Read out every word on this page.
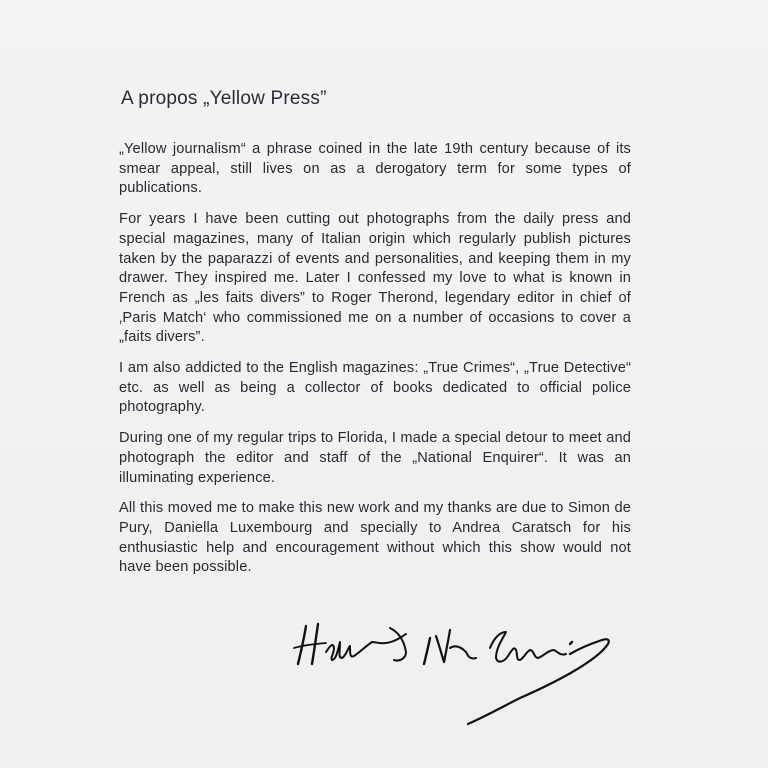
A propos „Yellow Press”

„Yellow journalism“ a phrase coined in the late 19th century because of its smear appeal, still lives on as a derogatory term for some types of publications.

For years I have been cutting out photographs from the daily press and special magazines, many of Italian origin which regularly publish pictures taken by the paparazzi of events and personalities, and keeping them in my drawer. They inspired me. Later I confessed my love to what is known in French as „les faits divers” to Roger Therond, legendary editor in chief of ‚Paris Match‘ who commissioned me on a number of occasions to cover a „faits divers”.

I am also addicted to the English magazines: „True Crimes“, „True Detective“ etc. as well as being a collector of books dedicated to official police photography.

During one of my regular trips to Florida, I made a special detour to meet and photograph the editor and staff of the „National Enquirer“. It was an illuminating experience.

All this moved me to make this new work and my thanks are due to Simon de Pury, Daniella Luxembourg and specially to Andrea Caratsch for his enthusiastic help and encouragement without which this show would not have been possible.
